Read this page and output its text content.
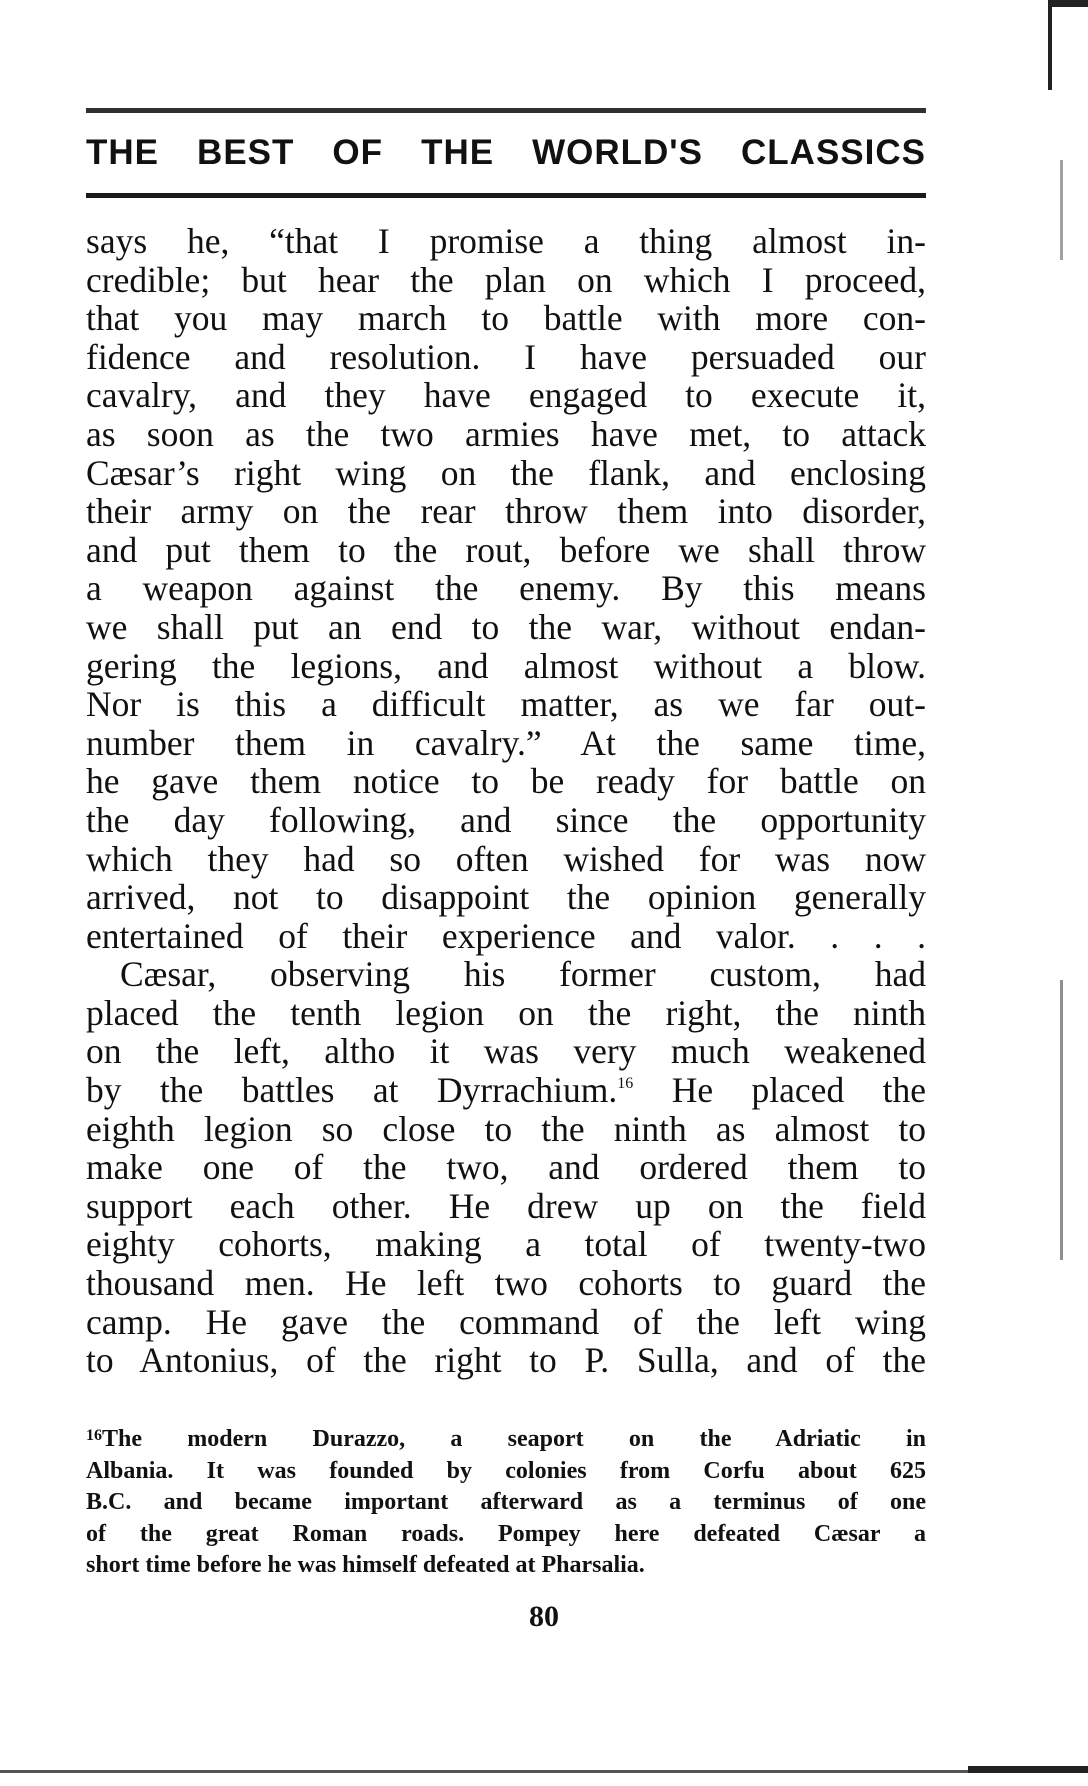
THE BEST OF THE WORLD'S CLASSICS
says he, “that I promise a thing almost in-
credible; but hear the plan on which I proceed,
that you may march to battle with more con-
fidence and resolution. I have persuaded our
cavalry, and they have engaged to execute it,
as soon as the two armies have met, to attack
Cæsar’s right wing on the flank, and enclosing
their army on the rear throw them into disorder,
and put them to the rout, before we shall throw
a weapon against the enemy. By this means
we shall put an end to the war, without endan-
gering the legions, and almost without a blow.
Nor is this a difficult matter, as we far out-
number them in cavalry.” At the same time,
he gave them notice to be ready for battle on
the day following, and since the opportunity
which they had so often wished for was now
arrived, not to disappoint the opinion generally
entertained of their experience and valor. . . .
Cæsar, observing his former custom, had
placed the tenth legion on the right, the ninth
on the left, altho it was very much weakened
by the battles at Dyrrachium.$^{16}$ He placed the
eighth legion so close to the ninth as almost to
make one of the two, and ordered them to
support each other. He drew up on the field
eighty cohorts, making a total of twenty-two
thousand men. He left two cohorts to guard the
camp. He gave the command of the left wing
to Antonius, of the right to P. Sulla, and of the
$^{16}$The modern Durazzo, a seaport on the Adriatic in
Albania. It was founded by colonies from Corfu about 625
B.C. and became important afterward as a terminus of one
of the great Roman roads. Pompey here defeated Cæsar a
short time before he was himself defeated at Pharsalia.
80
